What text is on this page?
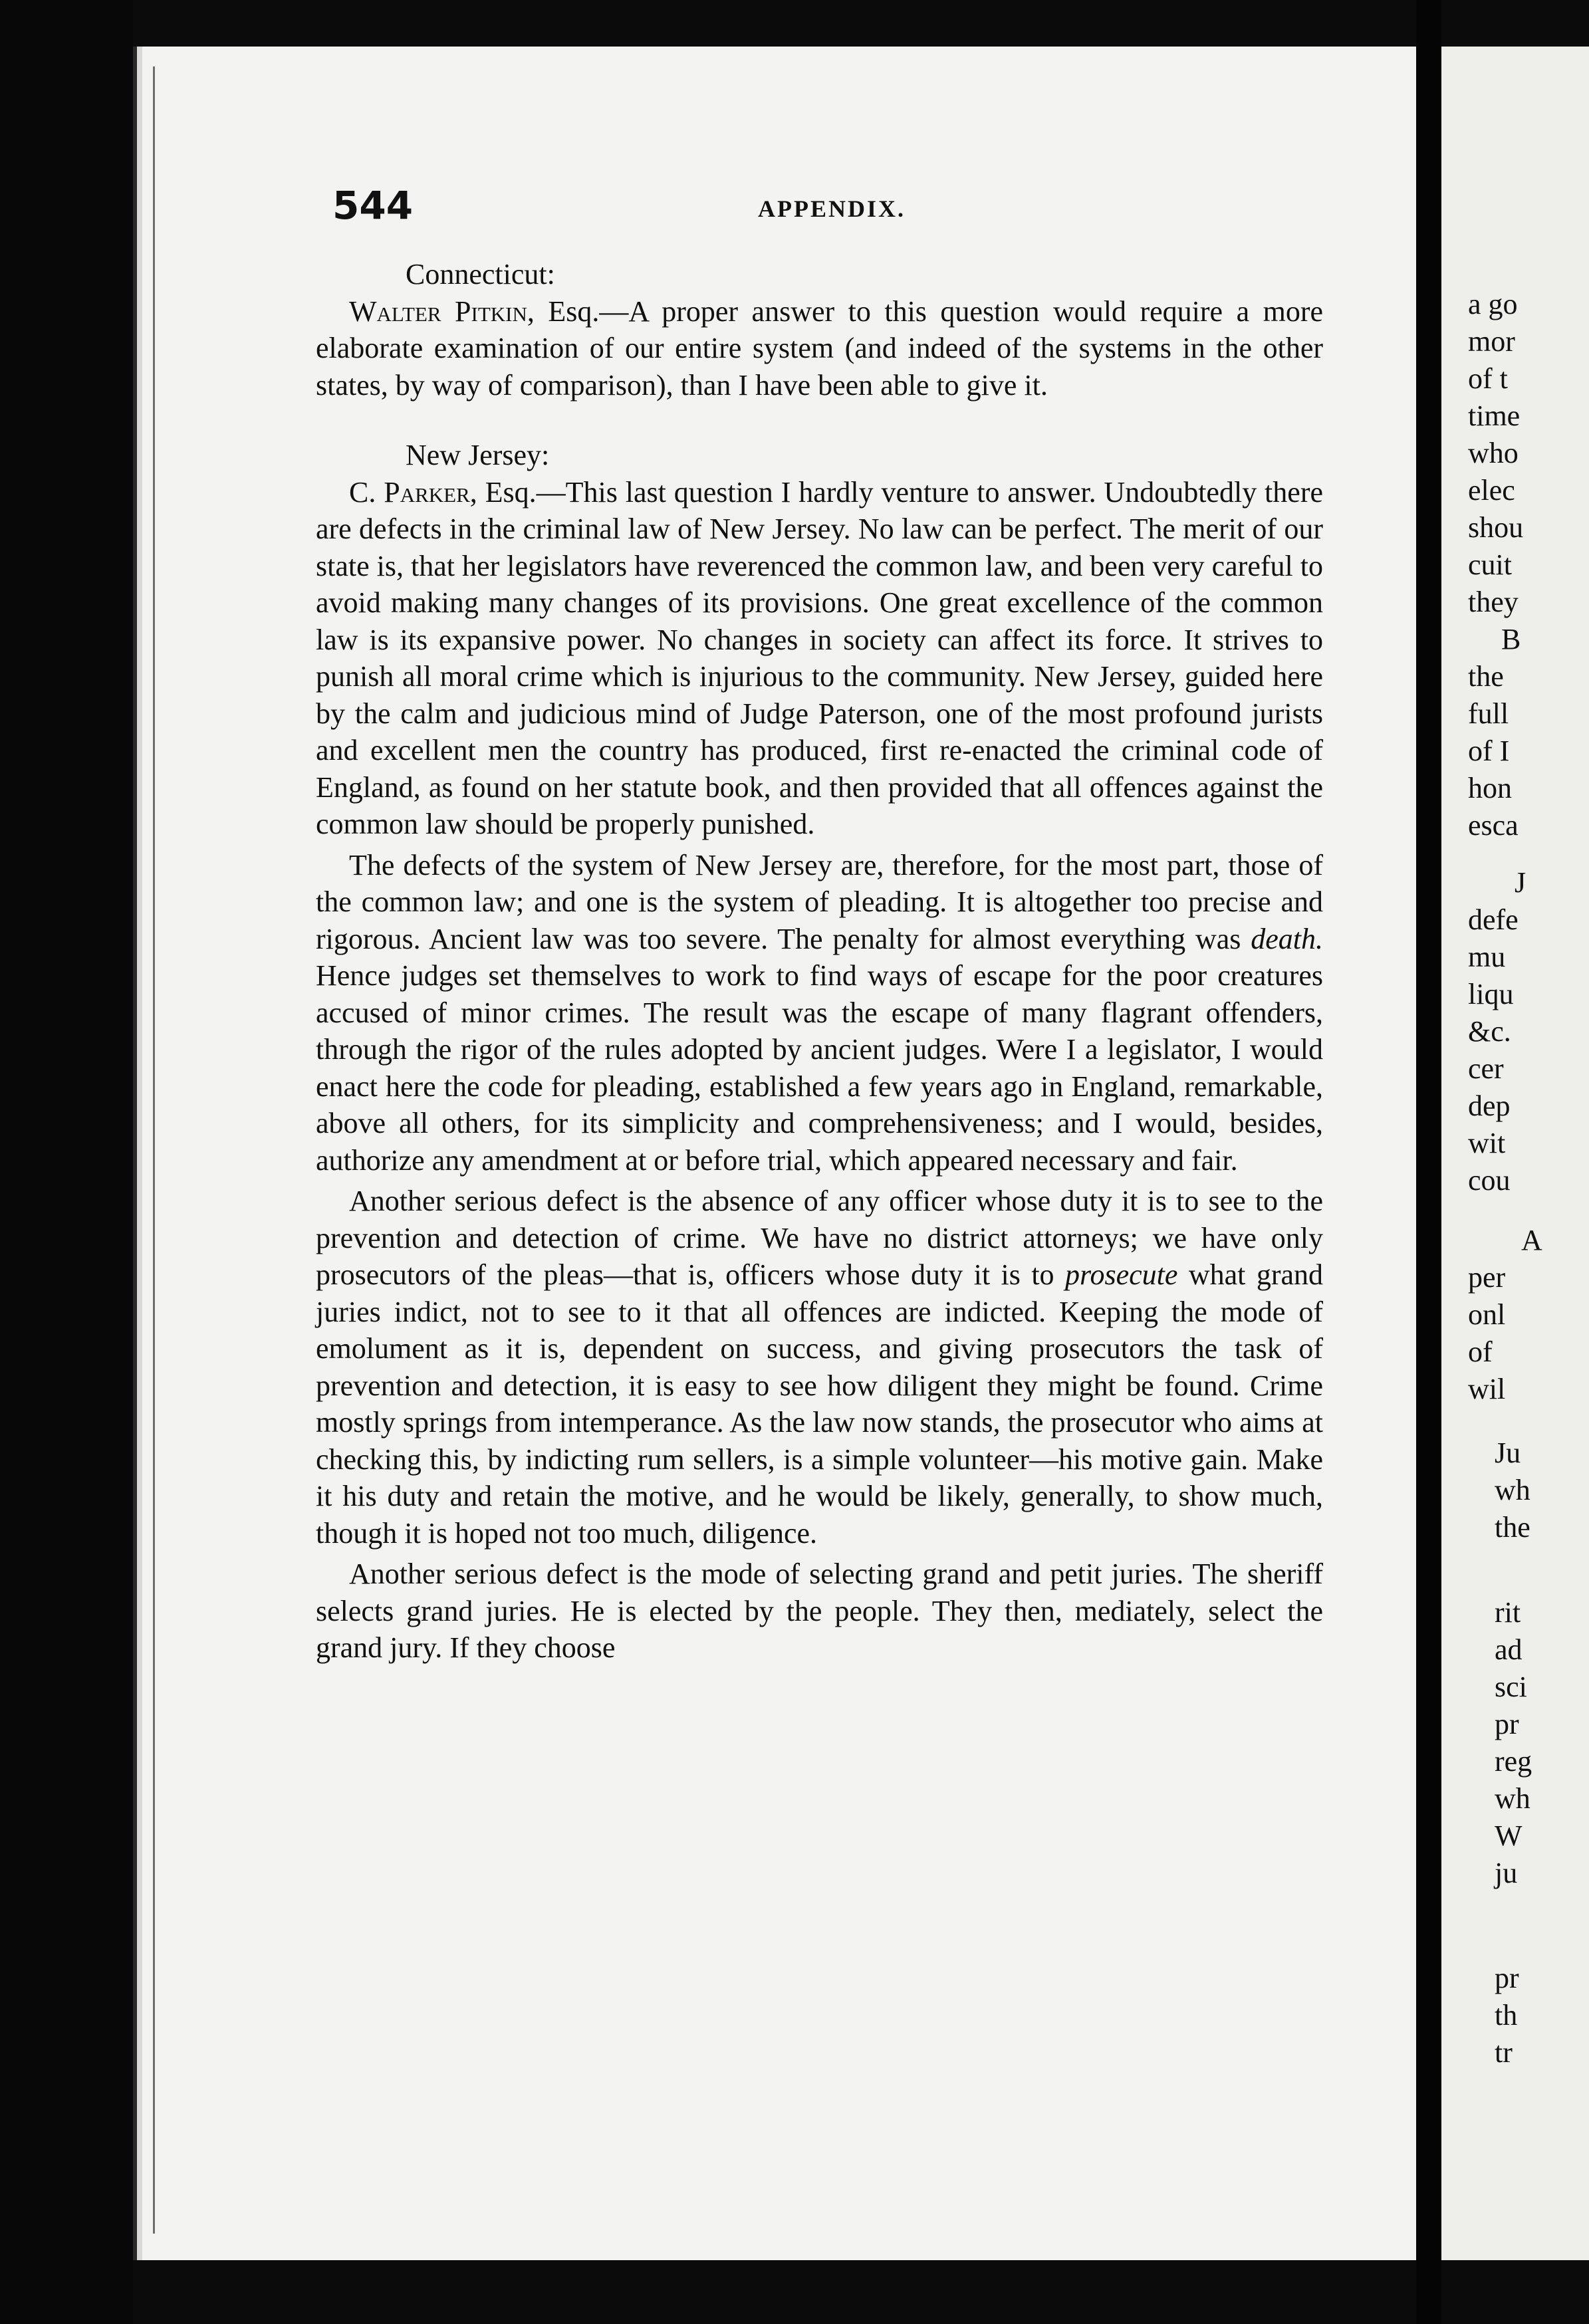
544	APPENDIX.

Connecticut:

Walter Pitkin, Esq.—A proper answer to this question would require a more elaborate examination of our entire system (and indeed of the systems in the other states, by way of comparison), than I have been able to give it.

New Jersey:

C. Parker, Esq.—This last question I hardly venture to answer. Undoubtedly there are defects in the criminal law of New Jersey. No law can be perfect. The merit of our state is, that her legislators have reverenced the common law, and been very careful to avoid making many changes of its provisions. One great excellence of the common law is its expansive power. No changes in society can affect its force. It strives to punish all moral crime which is injurious to the community. New Jersey, guided here by the calm and judicious mind of Judge Paterson, one of the most profound jurists and excellent men the country has produced, first re-enacted the criminal code of England, as found on her statute book, and then provided that all offences against the common law should be properly punished.

The defects of the system of New Jersey are, therefore, for the most part, those of the common law; and one is the system of pleading. It is altogether too precise and rigorous. Ancient law was too severe. The penalty for almost everything was death. Hence judges set themselves to work to find ways of escape for the poor creatures accused of minor crimes. The result was the escape of many flagrant offenders, through the rigor of the rules adopted by ancient judges. Were I a legislator, I would enact here the code for pleading, established a few years ago in England, remarkable, above all others, for its simplicity and comprehensiveness; and I would, besides, authorize any amendment at or before trial, which appeared necessary and fair.

Another serious defect is the absence of any officer whose duty it is to see to the prevention and detection of crime. We have no district attorneys; we have only prosecutors of the pleas—that is, officers whose duty it is to prosecute what grand juries indict, not to see to it that all offences are indicted. Keeping the mode of emolument as it is, dependent on success, and giving prosecutors the task of prevention and detection, it is easy to see how diligent they might be found. Crime mostly springs from intemperance. As the law now stands, the prosecutor who aims at checking this, by indicting rum sellers, is a simple volunteer—his motive gain. Make it his duty and retain the motive, and he would be likely, generally, to show much, though it is hoped not too much, diligence.

Another serious defect is the mode of selecting grand and petit juries. The sheriff selects grand juries. He is elected by the people. They then, mediately, select the grand jury. If they choose

a go
mor
of t
time
who
elec
shou
cuit
they
B
the
full
of I
hon
esca
J
defe
mu
liqu
&c.
cer
dep
wit
cou
A
per
onl
of
wil
Ju
wh
the
rit
ad
sci
pr
reg
wh
W
ju
pr
th
tr
